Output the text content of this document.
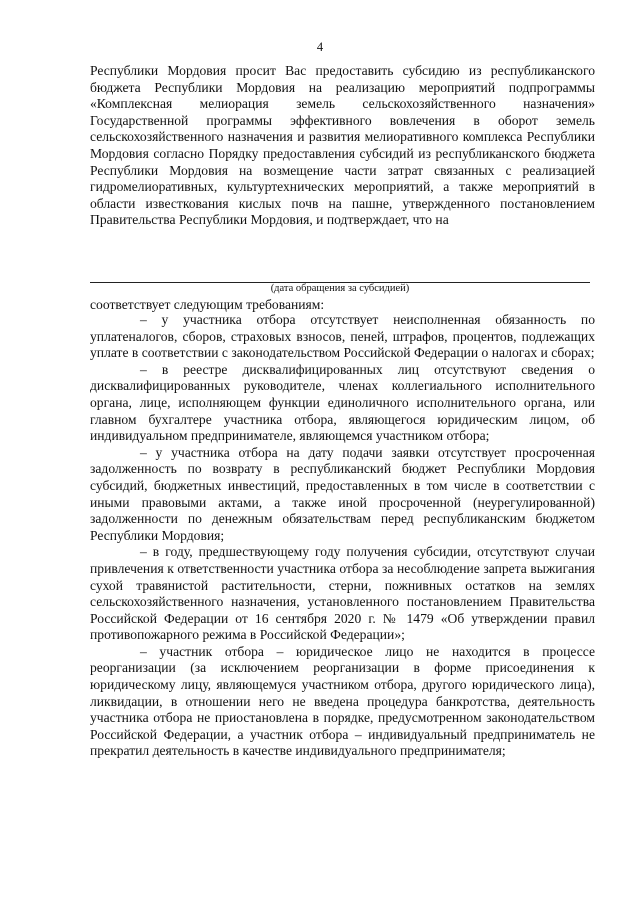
4

Республики Мордовия просит Вас предоставить субсидию из республиканского бюджета Республики Мордовия на реализацию мероприятий подпрограммы «Комплексная мелиорация земель сельскохозяйственного назначения» Государственной программы эффективного вовлечения в оборот земель сельскохозяйственного назначения и развития мелиоративного комплекса Республики Мордовия согласно Порядку предоставления субсидий из республиканского бюджета Республики Мордовия на возмещение части затрат связанных с реализацией гидромелиоративных, культуртехнических мероприятий, а также мероприятий в области известкования кислых почв на пашне, утвержденного постановлением Правительства Республики Мордовия, и подтверждает, что на

(дата обращения за субсидией)

соответствует следующим требованиям:

– у участника отбора отсутствует неисполненная обязанность по уплатеналогов, сборов, страховых взносов, пеней, штрафов, процентов, подлежащих уплате в соответствии с законодательством Российской Федерации о налогах и сборах;

– в реестре дисквалифицированных лиц отсутствуют сведения о дисквалифицированных руководителе, членах коллегиального исполнительного органа, лице, исполняющем функции единоличного исполнительного органа, или главном бухгалтере участника отбора, являющегося юридическим лицом, об индивидуальном предпринимателе, являющемся участником отбора;

– у участника отбора на дату подачи заявки отсутствует просроченная задолженность по возврату в республиканский бюджет Республики Мордовия субсидий, бюджетных инвестиций, предоставленных в том числе в соответствии с иными правовыми актами, а также иной просроченной (неурегулированной) задолженности по денежным обязательствам перед республиканским бюджетом Республики Мордовия;

– в году, предшествующему году получения субсидии, отсутствуют случаи привлечения к ответственности участника отбора за несоблюдение запрета выжигания сухой травянистой растительности, стерни, пожнивных остатков на землях сельскохозяйственного назначения, установленного постановлением Правительства Российской Федерации от 16 сентября 2020 г. № 1479 «Об утверждении правил противопожарного режима в Российской Федерации»;

– участник отбора – юридическое лицо не находится в процессе реорганизации (за исключением реорганизации в форме присоединения к юридическому лицу, являющемуся участником отбора, другого юридического лица), ликвидации, в отношении него не введена процедура банкротства, деятельность участника отбора не приостановлена в порядке, предусмотренном законодательством Российской Федерации, а участник отбора – индивидуальный предприниматель не прекратил деятельность в качестве индивидуального предпринимателя;
